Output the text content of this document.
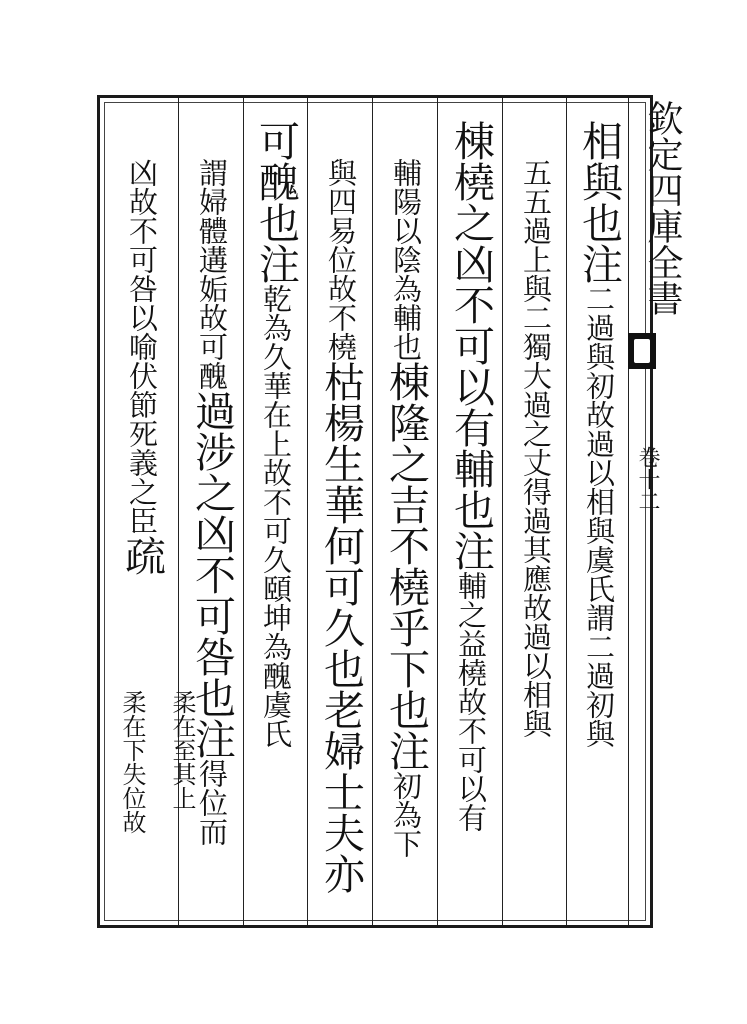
相與也注
二過與初故過以相與虞氏謂二過初與
五五過上與二獨大過之丈得過其應故過以相與
棟橈之凶不可以有輔也注
輔之益橈故不可以有
輔陽以陰為輔也
棟隆之吉不橈乎下也注
初為下
與四易位故不橈
枯楊生華何可久也老婦士夫亦
可醜也注
乾為久華在上故不可久頤坤為醜虞氏
謂婦體遘姤故可醜
過涉之凶不可咎也注
得位而
凶故不可咎以喻伏節死義之臣
疏
柔在至其上
柔在下失位故
欽定四庫全書
卷十二
